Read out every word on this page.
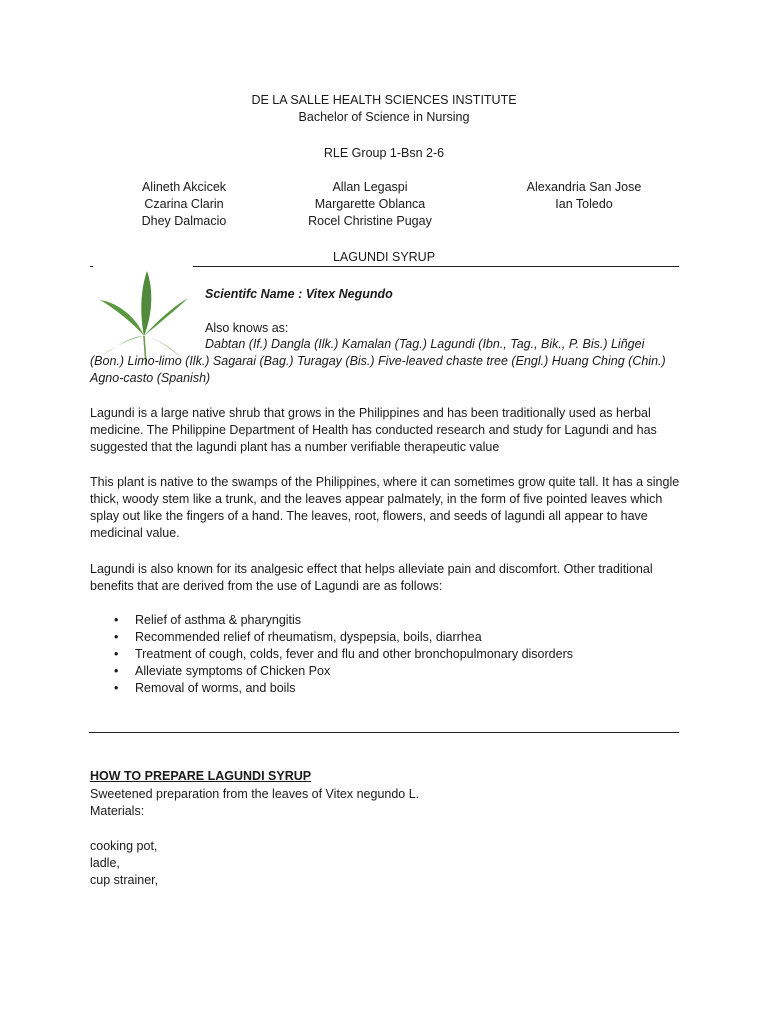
DE LA SALLE HEALTH SCIENCES INSTITUTE
Bachelor of Science in Nursing
RLE Group 1-Bsn 2-6
Alineth Akcicek
Czarina Clarin
Dhey Dalmacio
Allan Legaspi
Margarette Oblanca
Rocel Christine Pugay
Alexandria San Jose
Ian Toledo
LAGUNDI SYRUP
Scientifc Name : Vitex Negundo
Also knows as:
Dabtan (If.) Dangla (Ilk.) Kamalan (Tag.) Lagundi (Ibn., Tag., Bik., P. Bis.) Liñgei (Bon.) Limo-limo (Ilk.) Sagarai (Bag.) Turagay (Bis.) Five-leaved chaste tree (Engl.) Huang Ching (Chin.) Agno-casto (Spanish)
Lagundi is a large native shrub that grows in the Philippines and has been traditionally used as herbal medicine. The Philippine Department of Health has conducted research and study for Lagundi and has suggested that the lagundi plant has a number verifiable therapeutic value
This plant is native to the swamps of the Philippines, where it can sometimes grow quite tall. It has a single thick, woody stem like a trunk, and the leaves appear palmately, in the form of five pointed leaves which splay out like the fingers of a hand. The leaves, root, flowers, and seeds of lagundi all appear to have medicinal value.
Lagundi is also known for its analgesic effect that helps alleviate pain and discomfort. Other traditional benefits that are derived from the use of Lagundi are as follows:
• Relief of asthma & pharyngitis
• Recommended relief of rheumatism, dyspepsia, boils, diarrhea
• Treatment of cough, colds, fever and flu and other bronchopulmonary disorders
• Alleviate symptoms of Chicken Pox
• Removal of worms, and boils
HOW TO PREPARE LAGUNDI SYRUP
Sweetened preparation from the leaves of Vitex negundo L.
Materials:
cooking pot,
ladle,
cup strainer,
